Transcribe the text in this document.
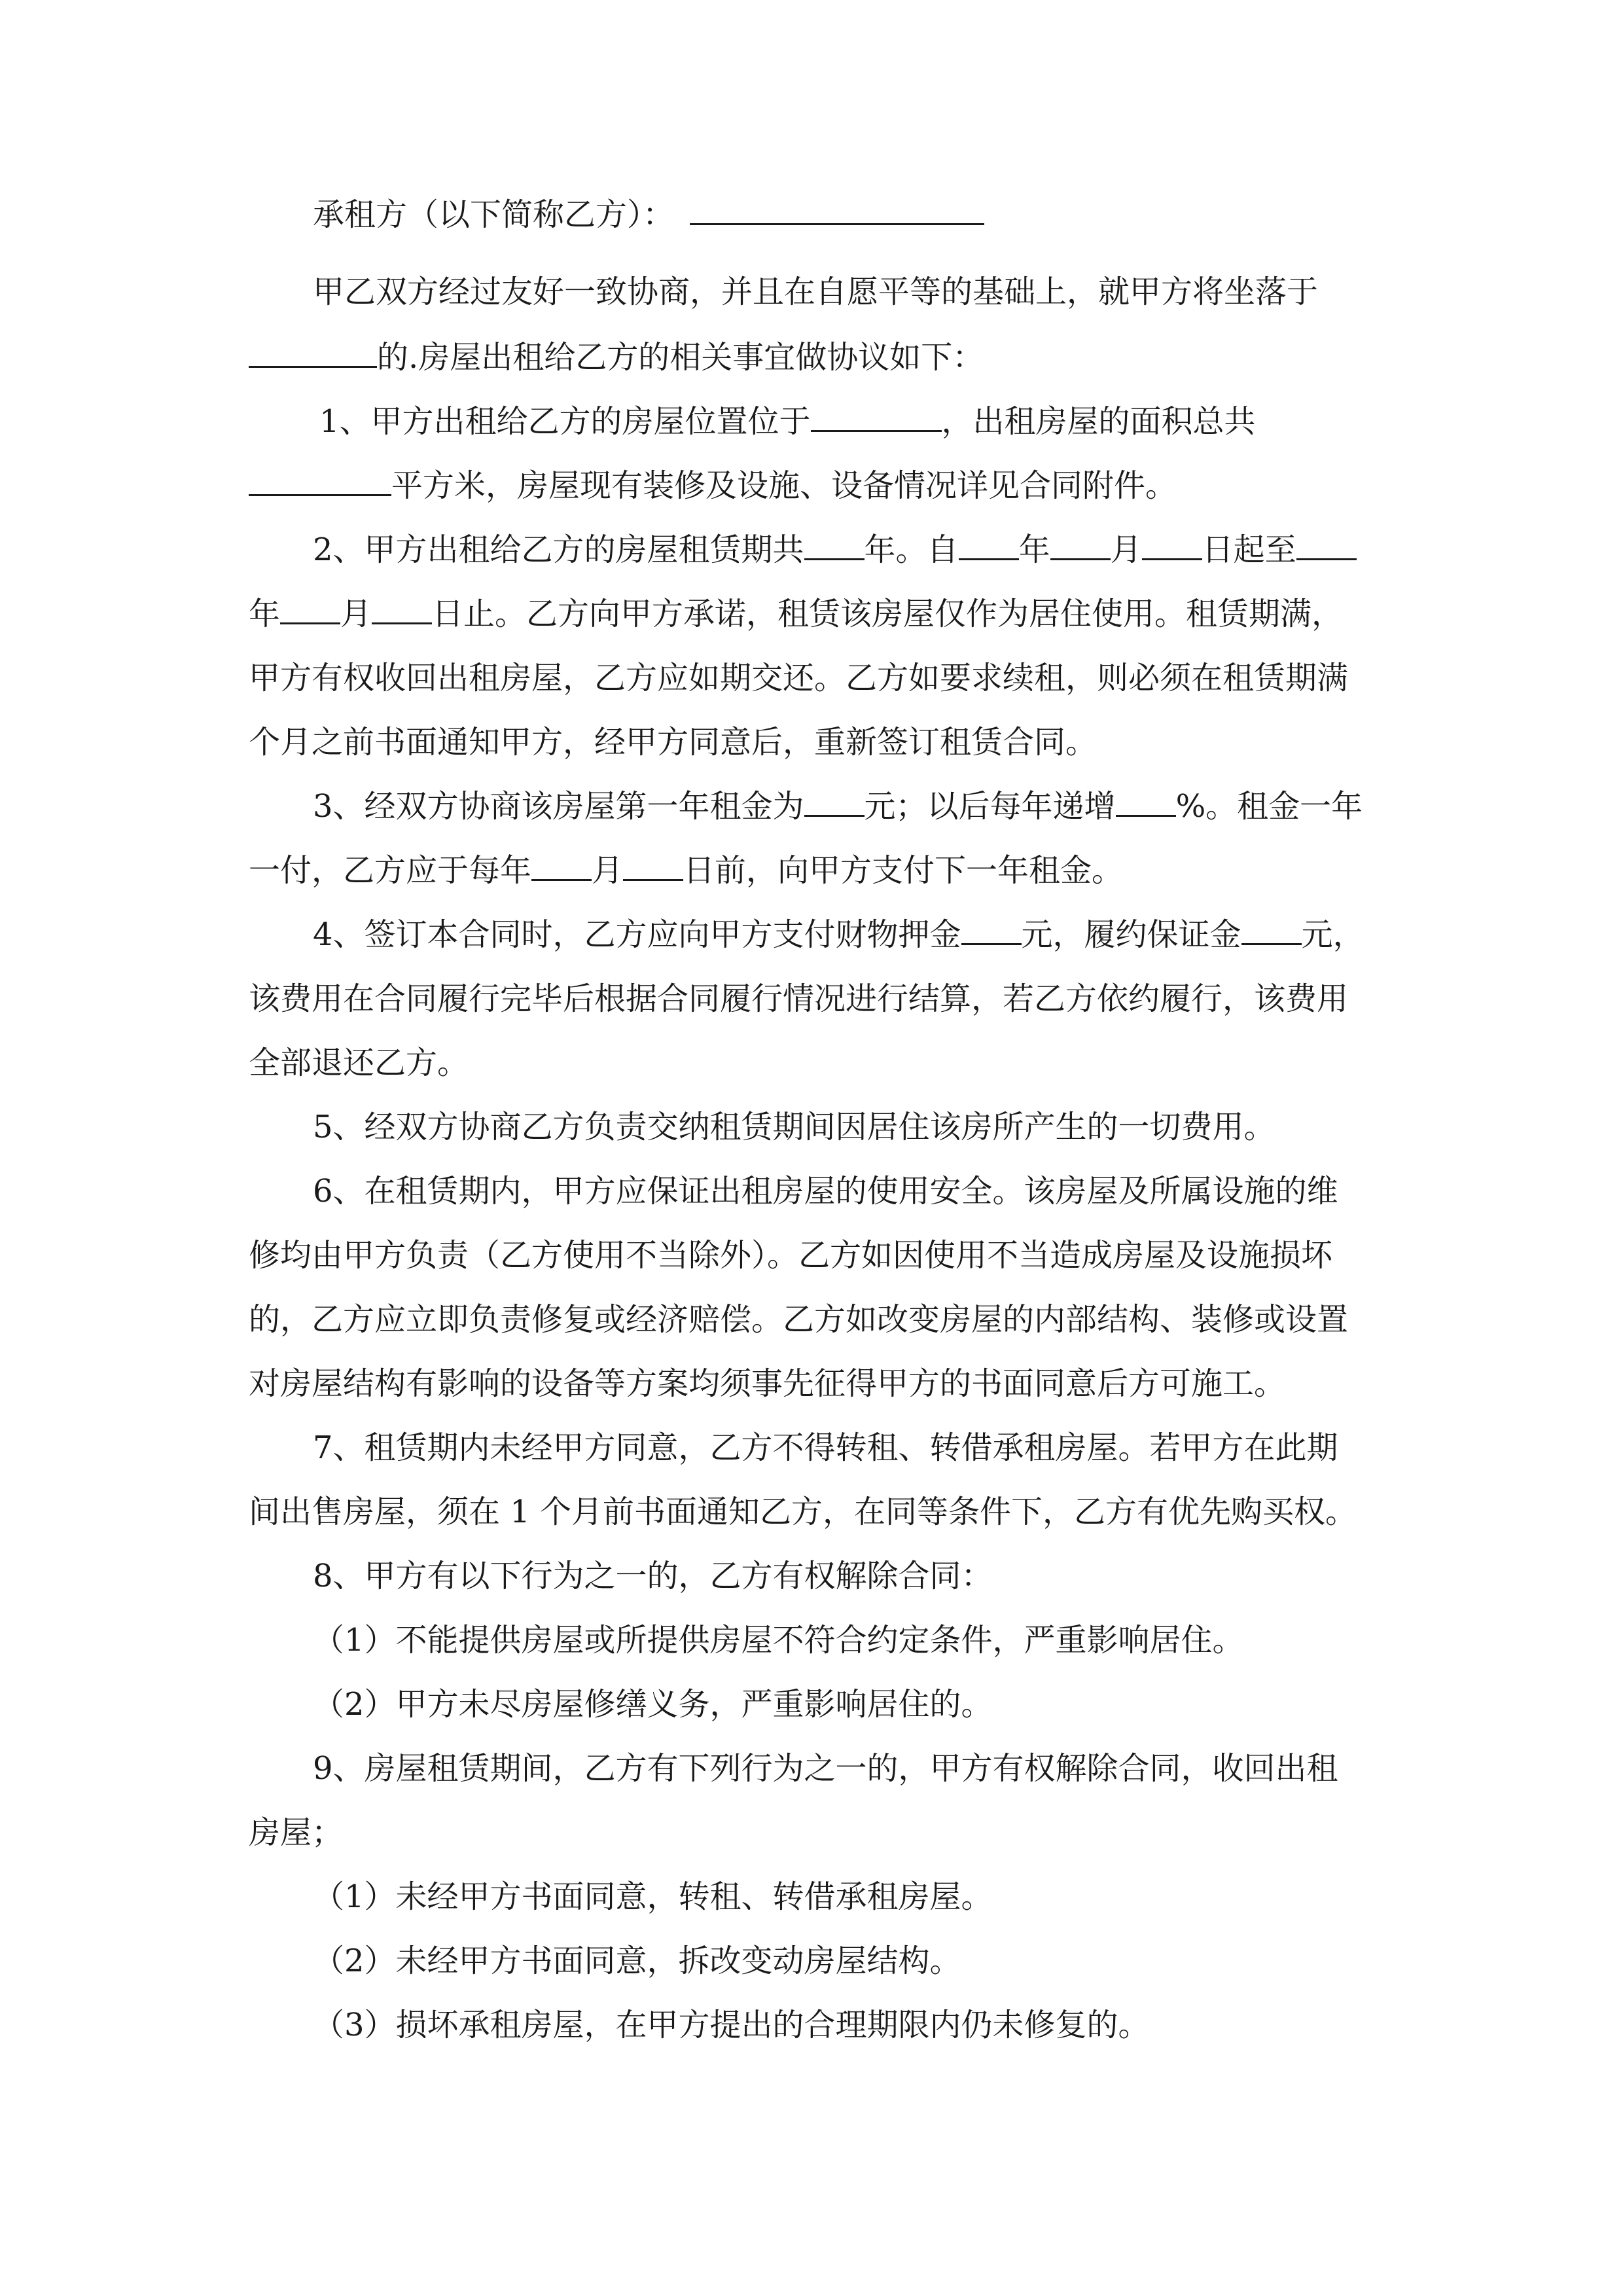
承租方（以下简称乙方）：
甲乙双方经过友好一致协商，并且在自愿平等的基础上，就甲方将坐落于
的.房屋出租给乙方的相关事宜做协议如下：
1、甲方出租给乙方的房屋位置位于	，出租房屋的面积总共
平方米，房屋现有装修及设施、设备情况详见合同附件。
2、甲方出租给乙方的房屋租赁期共 年。自 年 月 日起至
年 月 日止。乙方向甲方承诺，租赁该房屋仅作为居住使用。租赁期满，
甲方有权收回出租房屋，乙方应如期交还。乙方如要求续租，则必须在租赁期满
个月之前书面通知甲方，经甲方同意后，重新签订租赁合同。
3、经双方协商该房屋第一年租金为 元；以后每年递增 %。租金一年
一付，乙方应于每年 月 日前，向甲方支付下一年租金。
4、签订本合同时，乙方应向甲方支付财物押金 元，履约保证金 元，
该费用在合同履行完毕后根据合同履行情况进行结算，若乙方依约履行，该费用
全部退还乙方。
5、经双方协商乙方负责交纳租赁期间因居住该房所产生的一切费用。
6、在租赁期内，甲方应保证出租房屋的使用安全。该房屋及所属设施的维
修均由甲方负责（乙方使用不当除外）。乙方如因使用不当造成房屋及设施损坏
的，乙方应立即负责修复或经济赔偿。乙方如改变房屋的内部结构、装修或设置
对房屋结构有影响的设备等方案均须事先征得甲方的书面同意后方可施工。
7、租赁期内未经甲方同意，乙方不得转租、转借承租房屋。若甲方在此期
间出售房屋，须在 1 个月前书面通知乙方，在同等条件下，乙方有优先购买权。
8、甲方有以下行为之一的，乙方有权解除合同：
（1）不能提供房屋或所提供房屋不符合约定条件，严重影响居住。
（2）甲方未尽房屋修缮义务，严重影响居住的。
9、房屋租赁期间，乙方有下列行为之一的，甲方有权解除合同，收回出租
房屋；
（1）未经甲方书面同意，转租、转借承租房屋。
（2）未经甲方书面同意，拆改变动房屋结构。
（3）损坏承租房屋，在甲方提出的合理期限内仍未修复的。
